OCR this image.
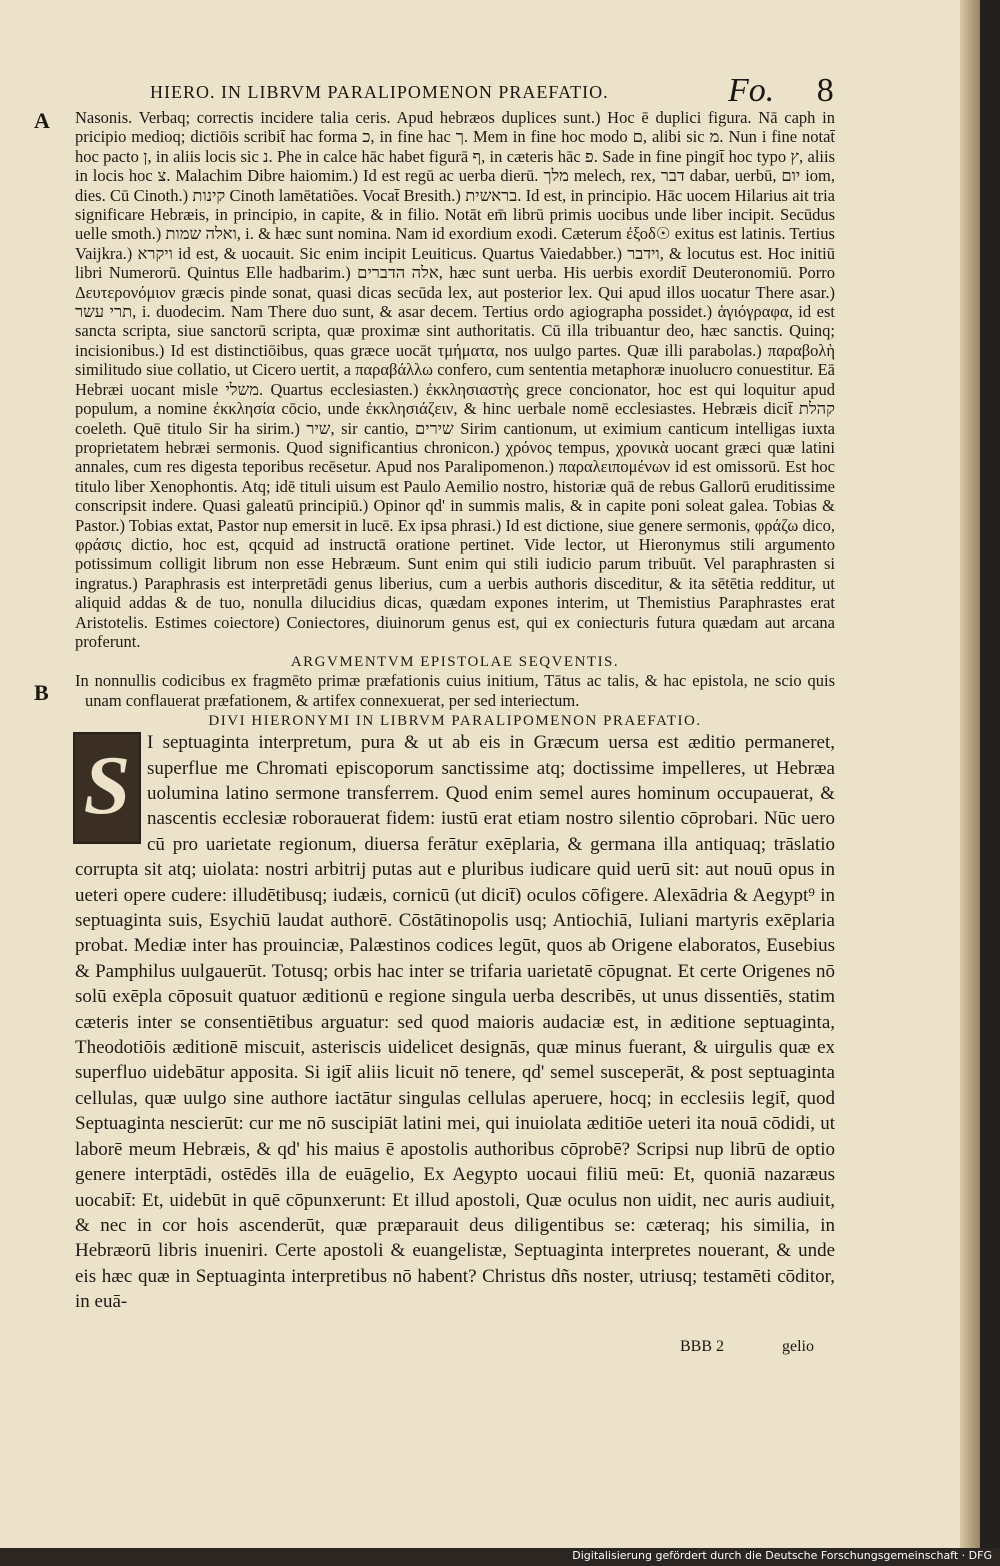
HIERO. IN LIBRVM PARALIPOMENON PRAEFATIO.	Fo. 8
A
B

Nasonis. Verbaq; correctis incidere talia ceris. Apud hebræos duplices sunt.) Hoc ē duplici figura. Nā caph in pricipio medioq; dictiōis scribit̄ hac forma כ, in fine hac ך. Mem in fine hoc modo ם, alibi sic מ. Nun i fine notat̄ hoc pacto ן, in aliis locis sic נ. Phe in calce hāc habet figurā ף, in cæteris hāc פ. Sade in fine pingit̄ hoc typo ץ, aliis in locis hoc צ. Malachim Dibre haiomim.) Id est regū ac uerba dierū. מלך melech, rex, דבר dabar, uerbū, יום iom, dies. Cū Cinoth.) קינות Cinoth lamētatiões. Vocat̄ Bresith.) בראשית. Id est, in principio. Hāc uocem Hilarius ait tria significare Hebræis, in principio, in capite, & in filio. Notāt em̄ librū primis uocibus unde liber incipit. Secūdus uelle smoth.) ואלה שמות, i. & hæc sunt nomina. Nam id exordium exodi. Cæterum ἐξοδ☉ exitus est latinis. Tertius Vaijkra.) ויקרא id est, & uocauit. Sic enim incipit Leuiticus. Quartus Vaiedabber.) וידבר, & locutus est. Hoc initiū libri Numerorū. Quintus Elle hadbarim.) אלה הדברים, hæc sunt uerba. His uerbis exordit̄ Deuteronomiū. Porro Δευτερονόμιον græcis pinde sonat, quasi dicas secūda lex, aut posterior lex. Qui apud illos uocatur There asar.) תרי עשר, i. duodecim. Nam There duo sunt, & asar decem. Tertius ordo agiographa possidet.) ἁγιόγραφα, id est sancta scripta, siue sanctorū scripta, quæ proximæ sint authoritatis. Cū illa tribuantur deo, hæc sanctis. Quinq; incisionibus.) Id est distinctiōibus, quas græce uocāt τμήματα, nos uulgo partes. Quæ illi parabolas.) παραβολὴ similitudo siue collatio, ut Cicero uertit, a παραβάλλω confero, cum sententia metaphoræ inuolucro conuestitur. Eā Hebræi uocant misle משלי. Quartus ecclesiasten.) ἐκκλησιαστὴς grece concionator, hoc est qui loquitur apud populum, a nomine ἐκκλησία cōcio, unde ἐκκλησιάζειν, & hinc uerbale nomē ecclesiastes. Hebræis dicit̄ קהלת coeleth. Quē titulo Sir ha sirim.) שיר, sir cantio, שירים Sirim cantionum, ut eximium canticum intelligas iuxta proprietatem hebræi sermonis. Quod significantius chronicon.) χρόνος tempus, χρονικὰ uocant græci quæ latini annales, cum res digesta teporibus recēsetur. Apud nos Paralipomenon.) παραλειπομένων id est omissorū. Est hoc titulo liber Xenophontis. Atq; idē tituli uisum est Paulo Aemilio nostro, historiæ quā de rebus Gallorū eruditissime conscripsit indere. Quasi galeatū principiū.) Opinor qd' in summis malis, & in capite poni soleat galea. Tobias & Pastor.) Tobias extat, Pastor nup emersit in lucē. Ex ipsa phrasi.) Id est dictione, siue genere sermonis, φράζω dico, φράσις dictio, hoc est, qcquid ad instructā oratione pertinet. Vide lector, ut Hieronymus stili argumento potissimum colligit librum non esse Hebræum. Sunt enim qui stili iudicio parum tribuūt. Vel paraphrasten si ingratus.) Paraphrasis est interpretādi genus liberius, cum a uerbis authoris disceditur, & ita sētētia redditur, ut aliquid addas & de tuo, nonulla dilucidius dicas, quædam expones interim, ut Themistius Paraphrastes erat Aristotelis. Estimes coiectore) Coniectores, diuinorum genus est, qui ex coniecturis futura quædam aut arcana proferunt.

ARGVMENTVM EPISTOLAE SEQVENTIS.

In nonnullis codicibus ex fragmēto primæ præfationis cuius initium, Tātus ac talis, & hac epistola, ne scio quis unam conflauerat præfationem, & artifex connexuerat, per sed interiectum.

DIVI HIERONYMI IN LIBRVM PARALIPOMENON PRAEFATIO.
S I septuaginta interpretum, pura & ut ab eis in Græcum uersa est æditio permaneret, superflue me Chromati episcoporum sanctissime atq; doctissime impelleres, ut Hebræa uolumina latino sermone transferrem. Quod enim semel aures hominum occupauerat, & nascentis ecclesiæ roborauerat fidem: iustū erat etiam nostro silentio cōprobari. Nūc uero cū pro uarietate regionum, diuersa ferātur exēplaria, & germana illa antiquaq; trāslatio corrupta sit atq; uiolata: nostri arbitrij putas aut e pluribus iudicare quid uerū sit: aut nouū opus in ueteri opere cudere: illudētibusq; iudæis, cornicū (ut dicit̄) oculos cōfigere. Alexādria & Aegypt⁹ in septuaginta suis, Esychiū laudat authorē. Cōstātinopolis usq; Antiochiā, Iuliani martyris exēplaria probat. Mediæ inter has prouinciæ, Palæstinos codices legūt, quos ab Origene elaboratos, Eusebius & Pamphilus uulgauerūt. Totusq; orbis hac inter se trifaria uarietatē cōpugnat. Et certe Origenes nō solū exēpla cōposuit quatuor æditionū e regione singula uerba describēs, ut unus dissentiēs, statim cæteris inter se consentiētibus arguatur: sed quod maioris audaciæ est, in æditione septuaginta, Theodotiōis æditionē miscuit, asteriscis uidelicet designās, quæ minus fuerant, & uirgulis quæ ex superfluo uidebātur apposita. Si igit̄ aliis licuit nō tenere, qd' semel susceperāt, & post septuaginta cellulas, quæ uulgo sine authore iactātur singulas cellulas aperuere, hocq; in ecclesiis legit̄, quod Septuaginta nescierūt: cur me nō suscipiāt latini mei, qui inuiolata æditiōe ueteri ita nouā cōdidi, ut laborē meum Hebræis, & qd' his maius ē apostolis authoribus cōprobē? Scripsi nup librū de optio genere interptādi, ostēdēs illa de euāgelio, Ex Aegypto uocaui filiū meū: Et, quoniā nazaræus uocabit̄: Et, uidebūt in quē cōpunxerunt: Et illud apostoli, Quæ oculus non uidit, nec auris audiuit, & nec in cor hois ascenderūt, quæ præparauit deus diligentibus se: cæteraq; his similia, in Hebræorū libris inueniri. Certe apostoli & euangelistæ, Septuaginta interpretes nouerant, & unde eis hæc quæ in Septuaginta interpretibus nō habent? Christus dñs noster, utriusq; testamēti cōditor, in euā-
BBB 2	gelio
Digitalisierung gefördert durch die Deutsche Forschungsgemeinschaft · DFG
